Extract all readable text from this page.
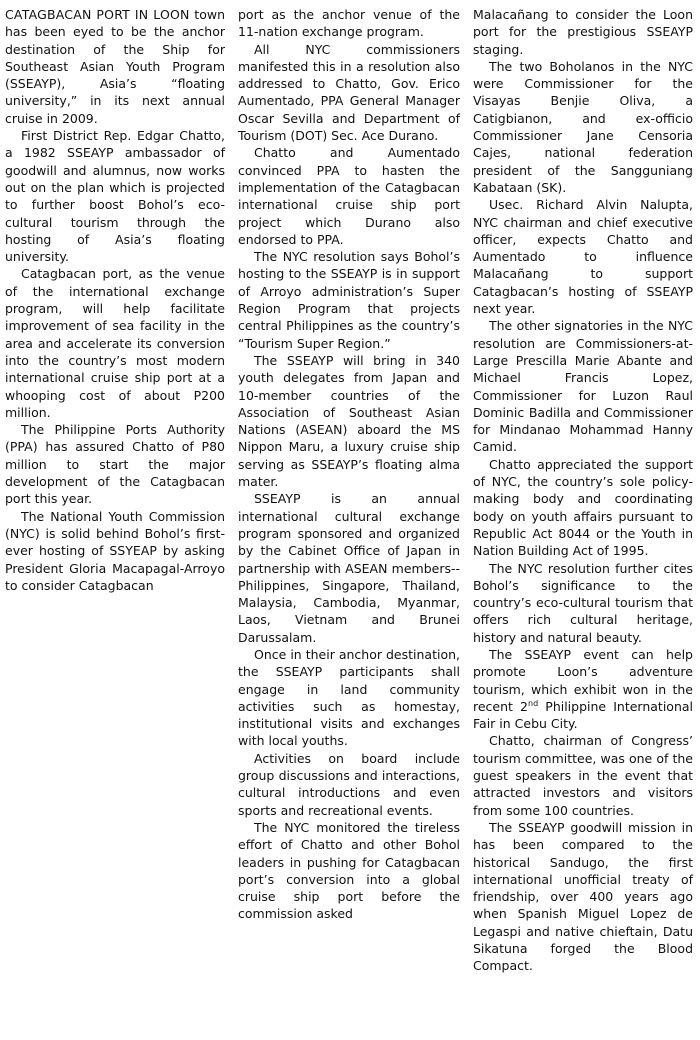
CATAGBACAN PORT IN LOON town has been eyed to be the anchor destination of the Ship for Southeast Asian Youth Program (SSEAYP), Asia’s “floating university,” in its next annual cruise in 2009.

First District Rep. Edgar Chatto, a 1982 SSEAYP ambassador of goodwill and alumnus, now works out on the plan which is projected to further boost Bohol’s eco-cultural tourism through the hosting of Asia’s floating university.

Catagbacan port, as the venue of the international exchange program, will help facilitate improvement of sea facility in the area and accelerate its conversion into the country’s most modern international cruise ship port at a whooping cost of about P200 million.

The Philippine Ports Authority (PPA) has assured Chatto of P80 million to start the major development of the Catagbacan port this year.

The National Youth Commission (NYC) is solid behind Bohol’s first-ever hosting of SSYEAP by asking President Gloria Macapagal-Arroyo to consider Catagbacan

port as the anchor venue of the 11-nation exchange program.

All NYC commissioners manifested this in a resolution also addressed to Chatto, Gov. Erico Aumentado, PPA General Manager Oscar Sevilla and Department of Tourism (DOT) Sec. Ace Durano.

Chatto and Aumentado convinced PPA to hasten the implementation of the Catagbacan international cruise ship port project which Durano also endorsed to PPA.

The NYC resolution says Bohol’s hosting to the SSEAYP is in support of Arroyo administration’s Super Region Program that projects central Philippines as the country’s “Tourism Super Region.”

The SSEAYP will bring in 340 youth delegates from Japan and 10-member countries of the Association of Southeast Asian Nations (ASEAN) aboard the MS Nippon Maru, a luxury cruise ship serving as SSEAYP’s floating alma mater.

SSEAYP is an annual international cultural exchange program sponsored and organized by the Cabinet Office of Japan in partnership with ASEAN members-- Philippines, Singapore, Thailand, Malaysia, Cambodia, Myanmar, Laos, Vietnam and Brunei Darussalam.

Once in their anchor destination, the SSEAYP participants shall engage in land community activities such as homestay, institutional visits and exchanges with local youths.

Activities on board include group discussions and interactions, cultural introductions and even sports and recreational events.

The NYC monitored the tireless effort of Chatto and other Bohol leaders in pushing for Catagbacan port’s conversion into a global cruise ship port before the commission asked

Malacañang to consider the Loon port for the prestigious SSEAYP staging.

The two Boholanos in the NYC were Commissioner for the Visayas Benjie Oliva, a Catigbianon, and ex-officio Commissioner Jane Censoria Cajes, national federation president of the Sangguniang Kabataan (SK).

Usec. Richard Alvin Nalupta, NYC chairman and chief executive officer, expects Chatto and Aumentado to influence Malacañang to support Catagbacan’s hosting of SSEAYP next year.

The other signatories in the NYC resolution are Commissioners-at-Large Prescilla Marie Abante and Michael Francis Lopez, Commissioner for Luzon Raul Dominic Badilla and Commissioner for Mindanao Mohammad Hanny Camid.

Chatto appreciated the support of NYC, the country’s sole policy-making body and coordinating body on youth affairs pursuant to Republic Act 8044 or the Youth in Nation Building Act of 1995.

The NYC resolution further cites Bohol’s significance to the country’s eco-cultural tourism that offers rich cultural heritage, history and natural beauty.

The SSEAYP event can help promote Loon’s adventure tourism, which exhibit won in the recent 2nd Philippine International Fair in Cebu City.

Chatto, chairman of Congress’ tourism committee, was one of the guest speakers in the event that attracted investors and visitors from some 100 countries.

The SSEAYP goodwill mission in has been compared to the historical Sandugo, the first international unofficial treaty of friendship, over 400 years ago when Spanish Miguel Lopez de Legaspi and native chieftain, Datu Sikatuna forged the Blood Compact.
